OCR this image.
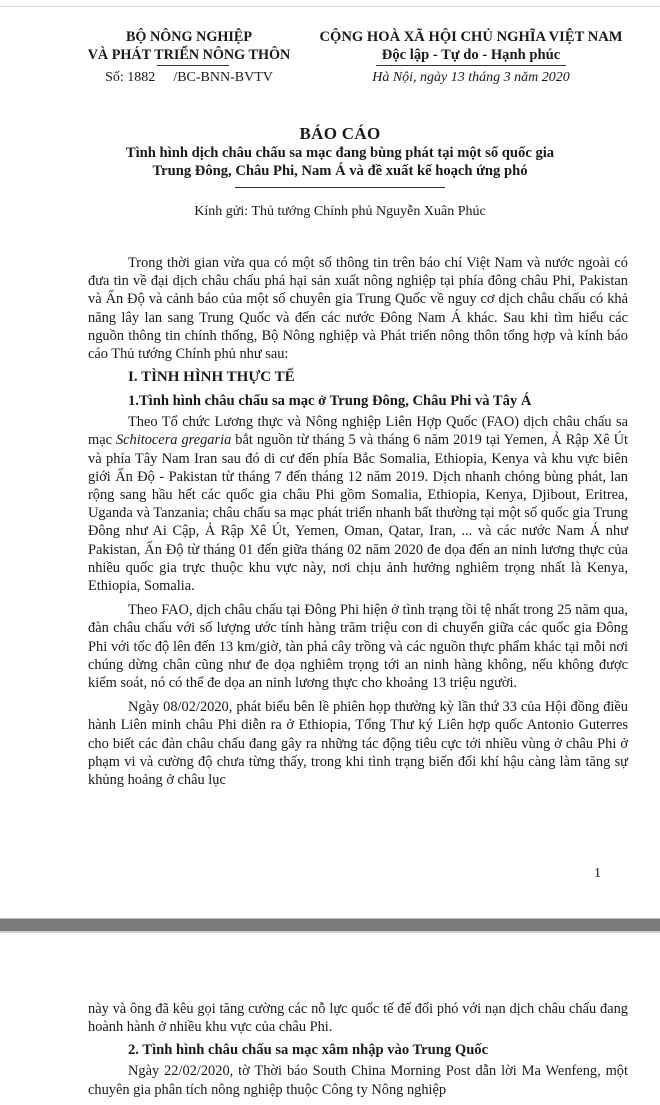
BỘ NÔNG NGHIỆP
VÀ PHÁT TRIỂN NÔNG THÔN
Số: 1882 /BC-BNN-BVTV
CỘNG HOÀ XÃ HỘI CHỦ NGHĨA VIỆT NAM
Độc lập - Tự do - Hạnh phúc
Hà Nội, ngày 13 tháng 3 năm 2020
BÁO CÁO
Tình hình dịch châu chấu sa mạc đang bùng phát tại một số quốc gia
Trung Đông, Châu Phi, Nam Á và đề xuất kế hoạch ứng phó
Kính gửi: Thủ tướng Chính phủ Nguyễn Xuân Phúc

Trong thời gian vừa qua có một số thông tin trên báo chí Việt Nam và nước ngoài có đưa tin về đại dịch châu chấu phá hại sản xuất nông nghiệp tại phía đông châu Phi, Pakistan và Ấn Độ và cảnh báo của một số chuyên gia Trung Quốc về nguy cơ dịch châu chấu có khả năng lây lan sang Trung Quốc và đến các nước Đông Nam Á khác. Sau khi tìm hiểu các nguồn thông tin chính thống, Bộ Nông nghiệp và Phát triển nông thôn tổng hợp và kính báo cáo Thủ tướng Chính phủ như sau:

I. TÌNH HÌNH THỰC TẾ

1.Tình hình châu chấu sa mạc ở Trung Đông, Châu Phi và Tây Á

Theo Tổ chức Lương thực và Nông nghiệp Liên Hợp Quốc (FAO) dịch châu chấu sa mạc Schitocera gregaria bắt nguồn từ tháng 5 và tháng 6 năm 2019 tại Yemen, Ả Rập Xê Út và phía Tây Nam Iran sau đó di cư đến phía Bắc Somalia, Ethiopia, Kenya và khu vực biên giới Ấn Độ - Pakistan từ tháng 7 đến tháng 12 năm 2019. Dịch nhanh chóng bùng phát, lan rộng sang hầu hết các quốc gia châu Phi gồm Somalia, Ethiopia, Kenya, Djibout, Eritrea, Uganda và Tanzania; châu chấu sa mạc phát triển nhanh bất thường tại một số quốc gia Trung Đông như Ai Cập, Ả Rập Xê Út, Yemen, Oman, Qatar, Iran, ... và các nước Nam Á như Pakistan, Ấn Độ từ tháng 01 đến giữa tháng 02 năm 2020 đe dọa đến an ninh lương thực của nhiều quốc gia trực thuộc khu vực này, nơi chịu ảnh hưởng nghiêm trọng nhất là Kenya, Ethiopia, Somalia.

Theo FAO, dịch châu chấu tại Đông Phi hiện ở tình trạng tồi tệ nhất trong 25 năm qua, đàn châu chấu với số lượng ước tính hàng trăm triệu con di chuyển giữa các quốc gia Đông Phi với tốc độ lên đến 13 km/giờ, tàn phá cây trồng và các nguồn thực phẩm khác tại mỗi nơi chúng dừng chân cũng như đe dọa nghiêm trọng tới an ninh hàng không, nếu không được kiểm soát, nó có thể đe dọa an ninh lương thực cho khoảng 13 triệu người.

Ngày 08/02/2020, phát biểu bên lề phiên họp thường kỳ lần thứ 33 của Hội đồng điều hành Liên minh châu Phi diễn ra ở Ethiopia, Tổng Thư ký Liên hợp quốc Antonio Guterres cho biết các đàn châu chấu đang gây ra những tác động tiêu cực tới nhiều vùng ở châu Phi ở phạm vi và cường độ chưa từng thấy, trong khi tình trạng biến đổi khí hậu càng làm tăng sự khủng hoảng ở châu lục

1

này và ông đã kêu gọi tăng cường các nỗ lực quốc tế để đối phó với nạn dịch châu chấu đang hoành hành ở nhiều khu vực của châu Phi.

2. Tình hình châu chấu sa mạc xâm nhập vào Trung Quốc

Ngày 22/02/2020, tờ Thời báo South China Morning Post dẫn lời Ma Wenfeng, một chuyên gia phân tích nông nghiệp thuộc Công ty Nông nghiệp
